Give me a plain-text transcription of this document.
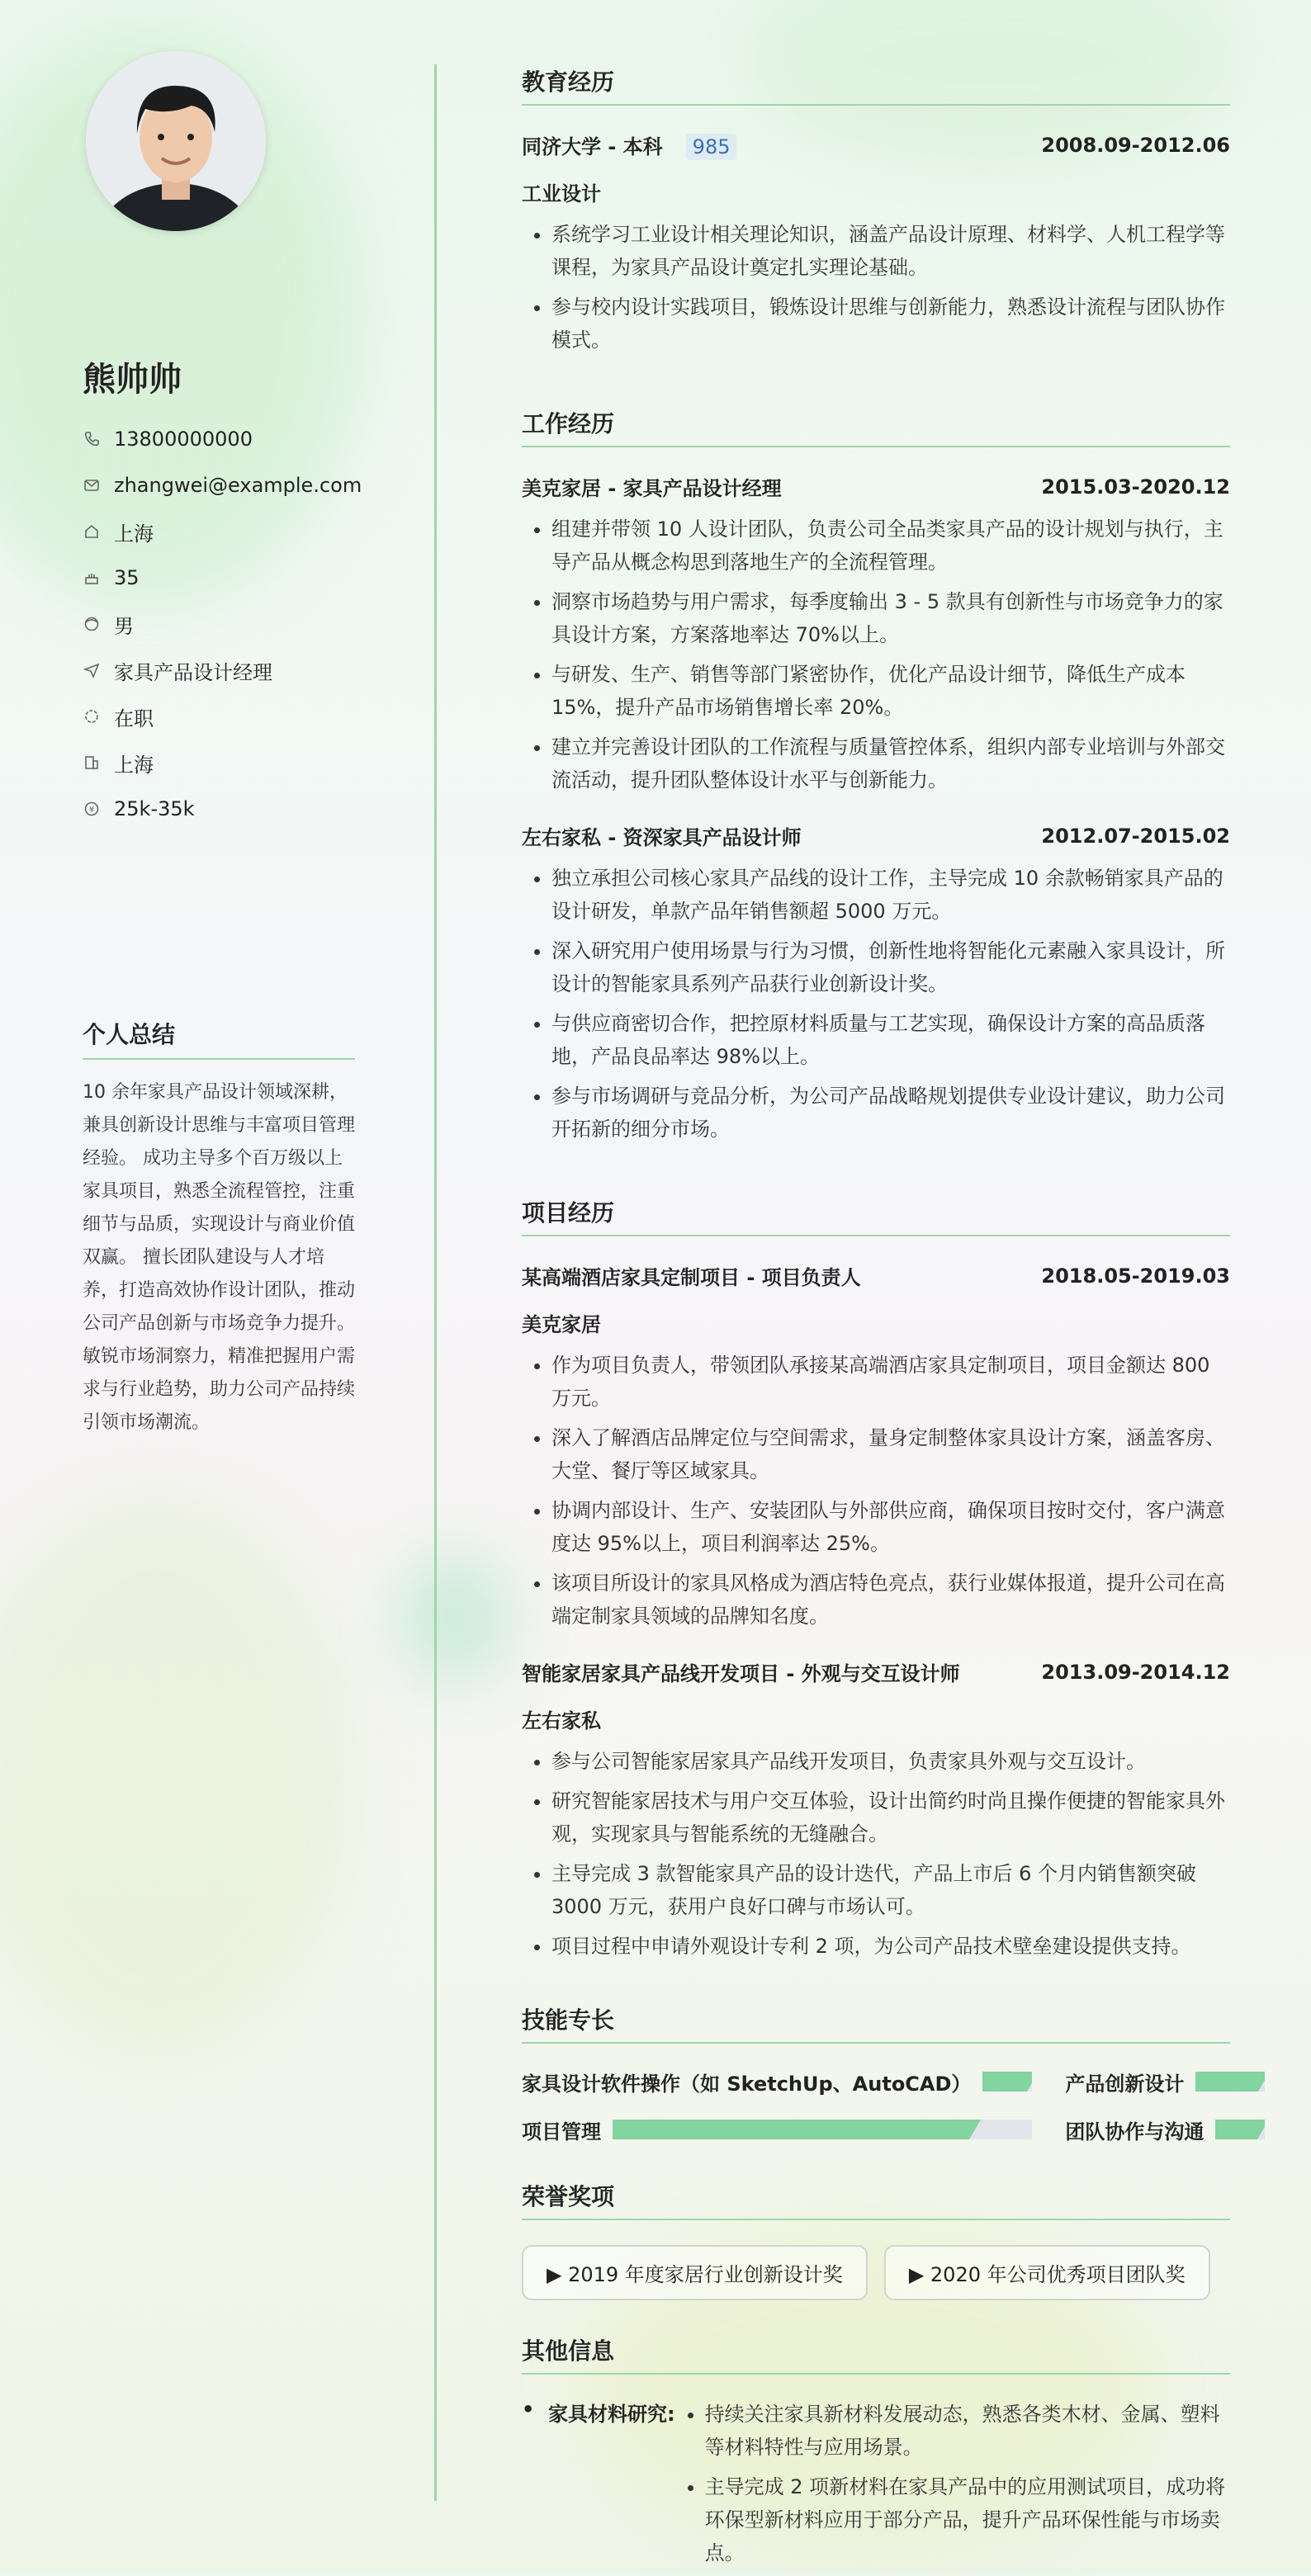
熊帅帅
13800000000
zhangwei@example.com
上海
35
男
家具产品设计经理
在职
上海
¥ 25k-35k
个人总结

10 余年家具产品设计领域深耕，兼具创新设计思维与丰富项目管理经验。 成功主导多个百万级以上家具项目，熟悉全流程管控，注重细节与品质，实现设计与商业价值双赢。 擅长团队建设与人才培养，打造高效协作设计团队，推动公司产品创新与市场竞争力提升。敏锐市场洞察力，精准把握用户需求与行业趋势，助力公司产品持续引领市场潮流。

教育经历
同济大学 - 本科 985	2008.09-2012.06
工业设计
• 系统学习工业设计相关理论知识，涵盖产品设计原理、材料学、人机工程学等课程，为家具产品设计奠定扎实理论基础。
• 参与校内设计实践项目，锻炼设计思维与创新能力，熟悉设计流程与团队协作模式。
工作经历
美克家居 - 家具产品设计经理	2015.03-2020.12
• 组建并带领 10 人设计团队，负责公司全品类家具产品的设计规划与执行，主导产品从概念构思到落地生产的全流程管理。
• 洞察市场趋势与用户需求，每季度输出 3 - 5 款具有创新性与市场竞争力的家具设计方案，方案落地率达 70%以上。
• 与研发、生产、销售等部门紧密协作，优化产品设计细节，降低生产成本 15%，提升产品市场销售增长率 20%。
• 建立并完善设计团队的工作流程与质量管控体系，组织内部专业培训与外部交流活动，提升团队整体设计水平与创新能力。
左右家私 - 资深家具产品设计师	2012.07-2015.02
• 独立承担公司核心家具产品线的设计工作，主导完成 10 余款畅销家具产品的设计研发，单款产品年销售额超 5000 万元。
• 深入研究用户使用场景与行为习惯，创新性地将智能化元素融入家具设计，所设计的智能家具系列产品获行业创新设计奖。
• 与供应商密切合作，把控原材料质量与工艺实现，确保设计方案的高品质落地，产品良品率达 98%以上。
• 参与市场调研与竞品分析，为公司产品战略规划提供专业设计建议，助力公司开拓新的细分市场。
项目经历
某高端酒店家具定制项目 - 项目负责人	2018.05-2019.03
美克家居
• 作为项目负责人，带领团队承接某高端酒店家具定制项目，项目金额达 800 万元。
• 深入了解酒店品牌定位与空间需求，量身定制整体家具设计方案，涵盖客房、大堂、餐厅等区域家具。
• 协调内部设计、生产、安装团队与外部供应商，确保项目按时交付，客户满意度达 95%以上，项目利润率达 25%。
• 该项目所设计的家具风格成为酒店特色亮点，获行业媒体报道，提升公司在高端定制家具领域的品牌知名度。
智能家居家具产品线开发项目 - 外观与交互设计师	2013.09-2014.12
左右家私
• 参与公司智能家居家具产品线开发项目，负责家具外观与交互设计。
• 研究智能家居技术与用户交互体验，设计出简约时尚且操作便捷的智能家具外观，实现家具与智能系统的无缝融合。
• 主导完成 3 款智能家具产品的设计迭代，产品上市后 6 个月内销售额突破 3000 万元，获用户良好口碑与市场认可。
• 项目过程中申请外观设计专利 2 项，为公司产品技术壁垒建设提供支持。
技能专长
家具设计软件操作（如 SketchUp、AutoCAD）	产品创新设计
项目管理	团队协作与沟通
荣誉奖项
▶ 2019 年度家居行业创新设计奖	▶ 2020 年公司优秀项目团队奖
其他信息
• 家具材料研究:
• 持续关注家具新材料发展动态，熟悉各类木材、金属、塑料等材料特性与应用场景。
• 主导完成 2 项新材料在家具产品中的应用测试项目，成功将环保型新材料应用于部分产品，提升产品环保性能与市场卖点。
